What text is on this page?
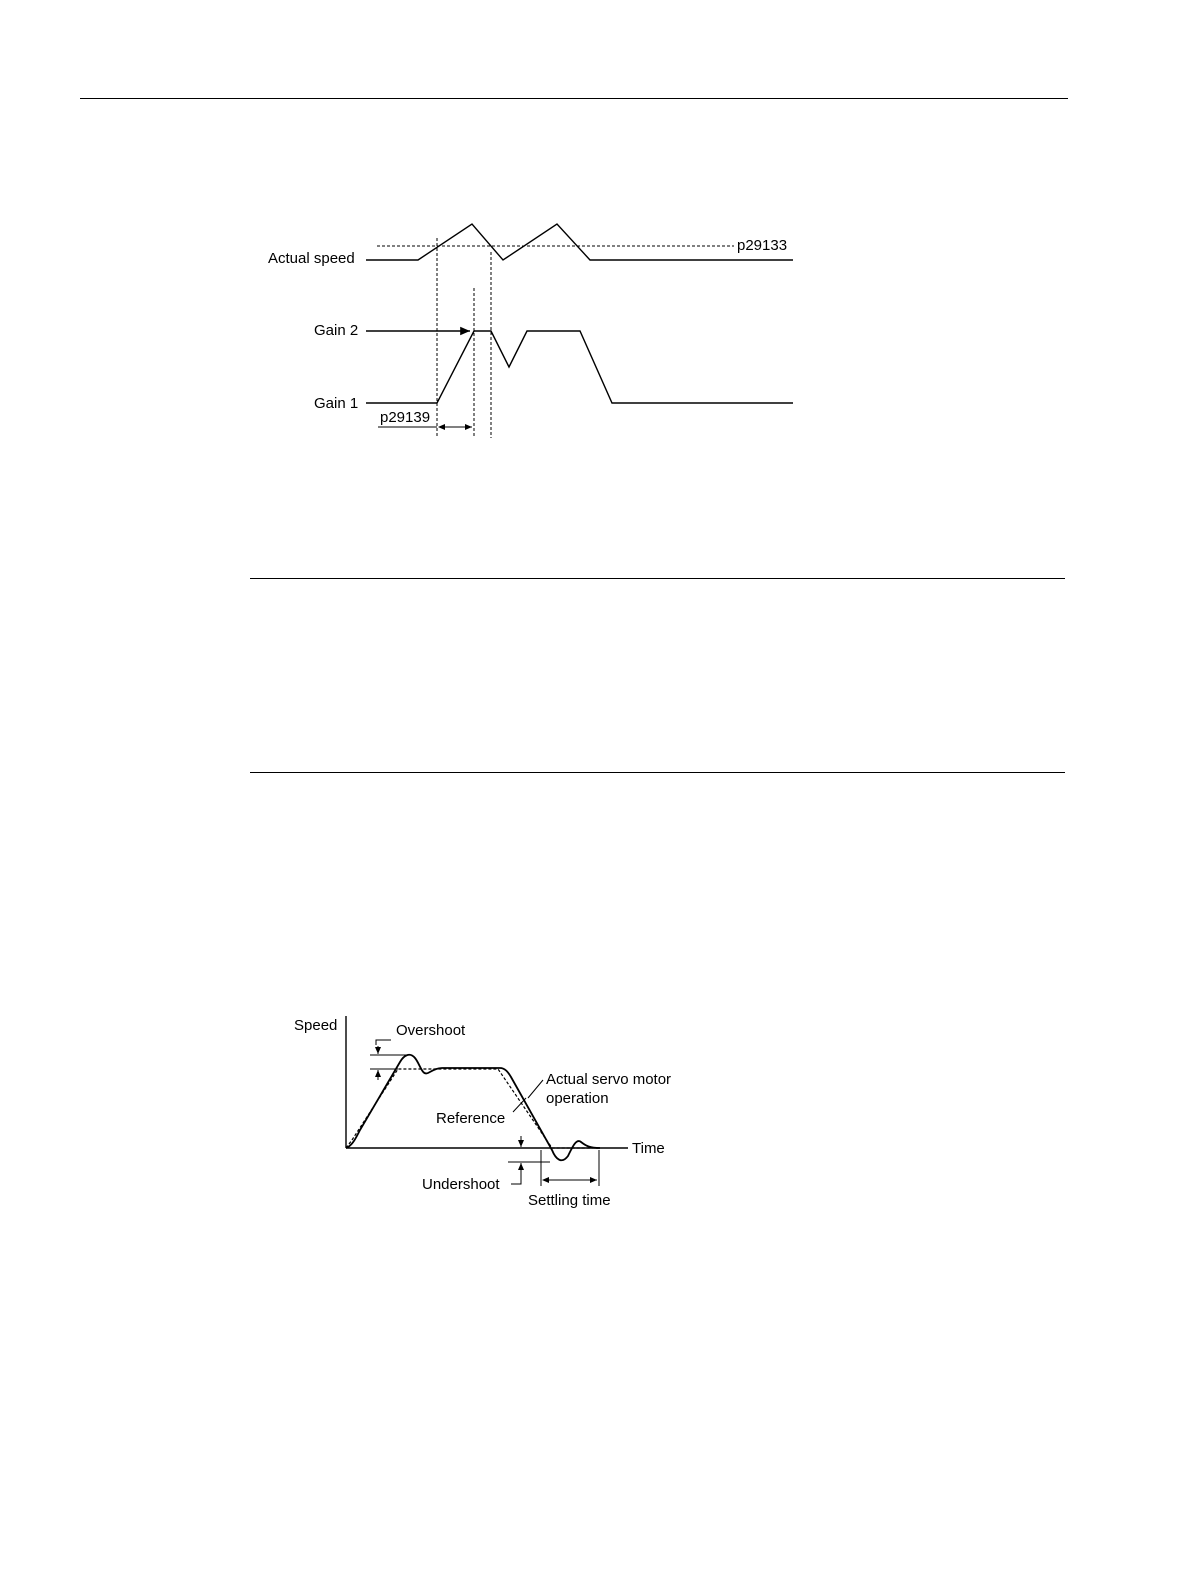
Actual speed
Gain 2
Gain 1
p29133
p29139
Speed
Time
Overshoot
Actual servo motor
operation
Reference
Undershoot
Settling time
